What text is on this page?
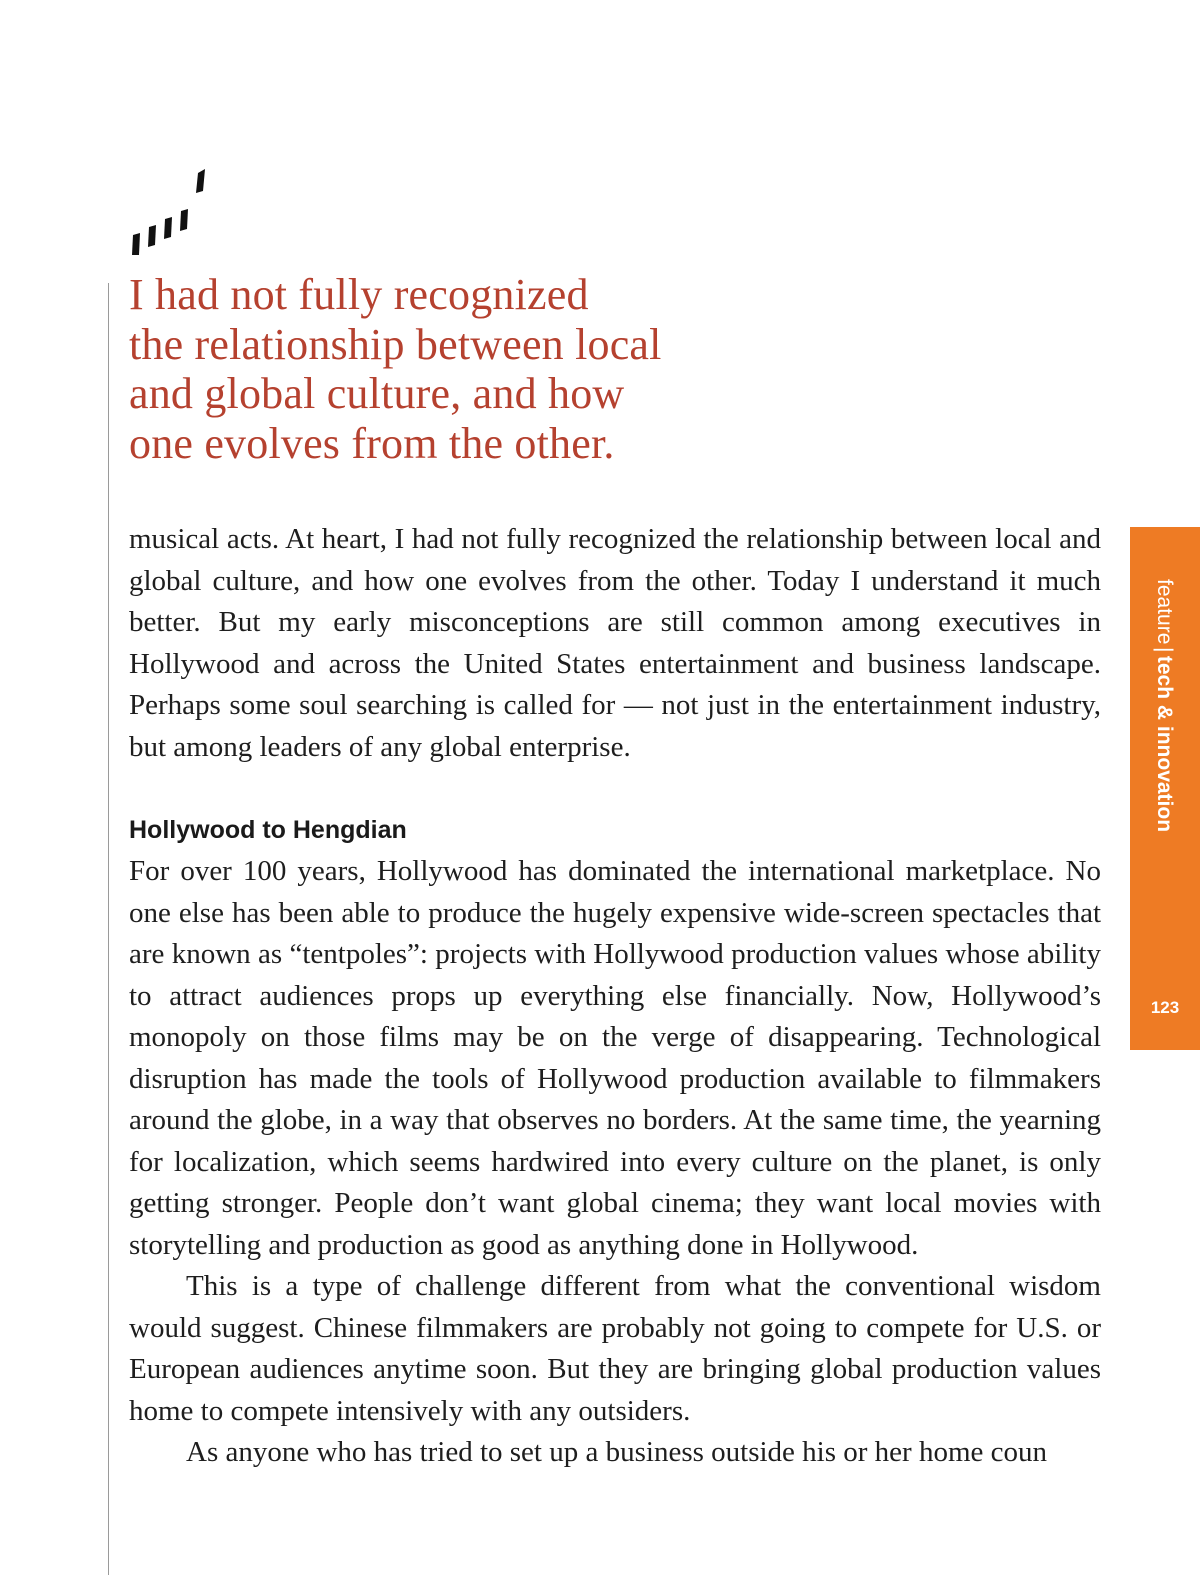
I had not fully recognized
the relationship between local
and global culture, and how
one evolves from the other.

musical acts. At heart, I had not fully recognized the relationship between local and global culture, and how one evolves from the other. Today I understand it much better. But my early misconceptions are still common among executives in Hollywood and across the United States entertainment and business landscape. Perhaps some soul searching is called for — not just in the entertainment industry, but among leaders of any global enterprise.

Hollywood to Hengdian

For over 100 years, Hollywood has dominated the international marketplace. No one else has been able to produce the hugely expensive wide-screen spectacles that are known as “tentpoles”: projects with Hollywood production values whose ability to attract audiences props up everything else financially. Now, Hollywood’s monopoly on those films may be on the verge of disappearing. Technological disruption has made the tools of Hollywood production available to filmmakers around the globe, in a way that observes no borders. At the same time, the yearning for localization, which seems hardwired into every culture on the planet, is only getting stronger. People don’t want global cinema; they want local movies with storytelling and production as good as anything done in Hollywood.

This is a type of challenge different from what the conventional wisdom would suggest. Chinese filmmakers are probably not going to compete for U.S. or European audiences anytime soon. But they are bringing global production values home to compete intensively with any outsiders.

As anyone who has tried to set up a business outside his or her home coun

feature|tech & innovation
123
